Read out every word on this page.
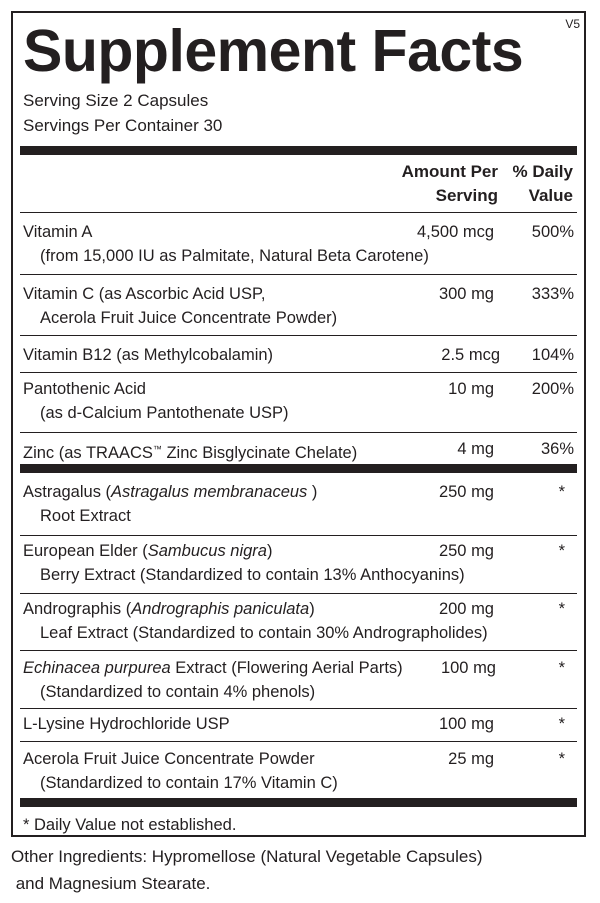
V5
Supplement Facts
Serving Size 2 Capsules
Servings Per Container 30
Amount Per
Serving
% Daily
Value
Vitamin A
(from 15,000 IU as Palmitate, Natural Beta Carotene)
4,500 mcg 500%
Vitamin C (as Ascorbic Acid USP,
Acerola Fruit Juice Concentrate Powder)
300 mg 333%
Vitamin B12 (as Methylcobalamin)	2.5 mcg 104%
Pantothenic Acid
(as d-Calcium Pantothenate USP)
10 mg 200%
Zinc (as TRAACS™ Zinc Bisglycinate Chelate)	4 mg	36%
Astragalus (Astragalus membranaceus )
Root Extract
250 mg	*
European Elder (Sambucus nigra)
Berry Extract (Standardized to contain 13% Anthocyanins)
250 mg	*
Andrographis (Andrographis paniculata)
Leaf Extract (Standardized to contain 30% Andrographolides)
200 mg	*
Echinacea purpurea Extract (Flowering Aerial Parts)
(Standardized to contain 4% phenols)
100 mg	*
L-Lysine Hydrochloride USP	100 mg	*
Acerola Fruit Juice Concentrate Powder
(Standardized to contain 17% Vitamin C)
25 mg	*
* Daily Value not established.
Other Ingredients: Hypromellose (Natural Vegetable Capsules)
and Magnesium Stearate.
